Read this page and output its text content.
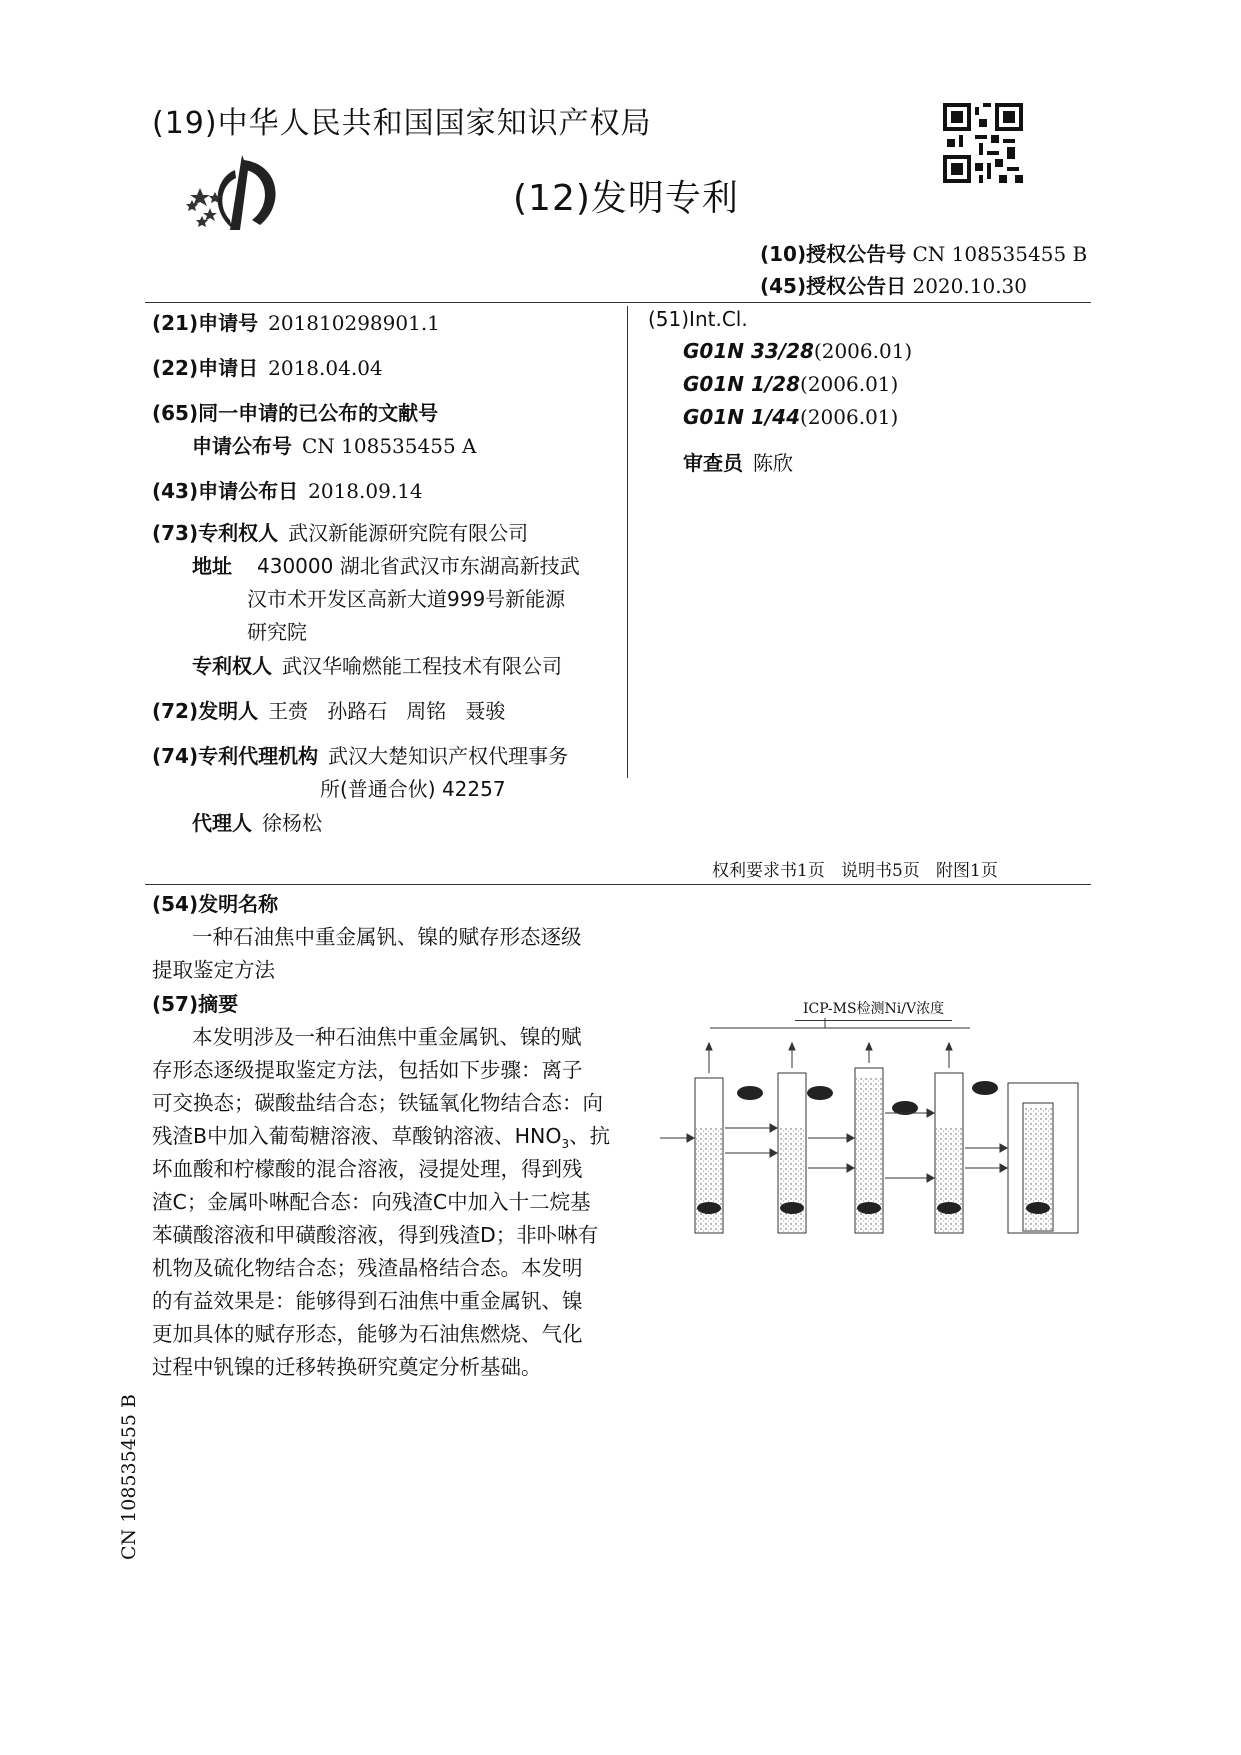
(19)中华人民共和国国家知识产权局
(12)发明专利
(10)授权公告号 CN 108535455 B
(45)授权公告日 2020.10.30
(21)申请号 201810298901.1
(22)申请日 2018.04.04
(65)同一申请的已公布的文献号
申请公布号 CN 108535455 A
(43)申请公布日 2018.09.14
(73)专利权人 武汉新能源研究院有限公司
地址 430000 湖北省武汉市东湖高新技武
汉市术开发区高新大道999号新能源
研究院
专利权人 武汉华喻燃能工程技术有限公司
(72)发明人 王赍   孙路石   周铭   聂骏
(74)专利代理机构 武汉大楚知识产权代理事务
所(普通合伙) 42257
代理人 徐杨松
(51)Int.Cl.
G01N 33/28(2006.01)
G01N 1/28(2006.01)
G01N 1/44(2006.01)
审查员 陈欣
权利要求书1页   说明书5页   附图1页
(54)发明名称
一种石油焦中重金属钒、镍的赋存形态逐级
提取鉴定方法
(57)摘要
本发明涉及一种石油焦中重金属钒、镍的赋
存形态逐级提取鉴定方法，包括如下步骤：离子
可交换态；碳酸盐结合态；铁锰氧化物结合态：向
残渣B中加入葡萄糖溶液、草酸钠溶液、$HNO_3$、抗
坏血酸和柠檬酸的混合溶液，浸提处理，得到残
渣C；金属卟啉配合态：向残渣C中加入十二烷基
苯磺酸溶液和甲磺酸溶液，得到残渣D；非卟啉有
机物及硫化物结合态；残渣晶格结合态。本发明
的有益效果是：能够得到石油焦中重金属钒、镍
更加具体的赋存形态，能够为石油焦燃烧、气化
过程中钒镍的迁移转换研究奠定分析基础。
ICP-MS检测Ni/V浓度
CN 108535455 B
